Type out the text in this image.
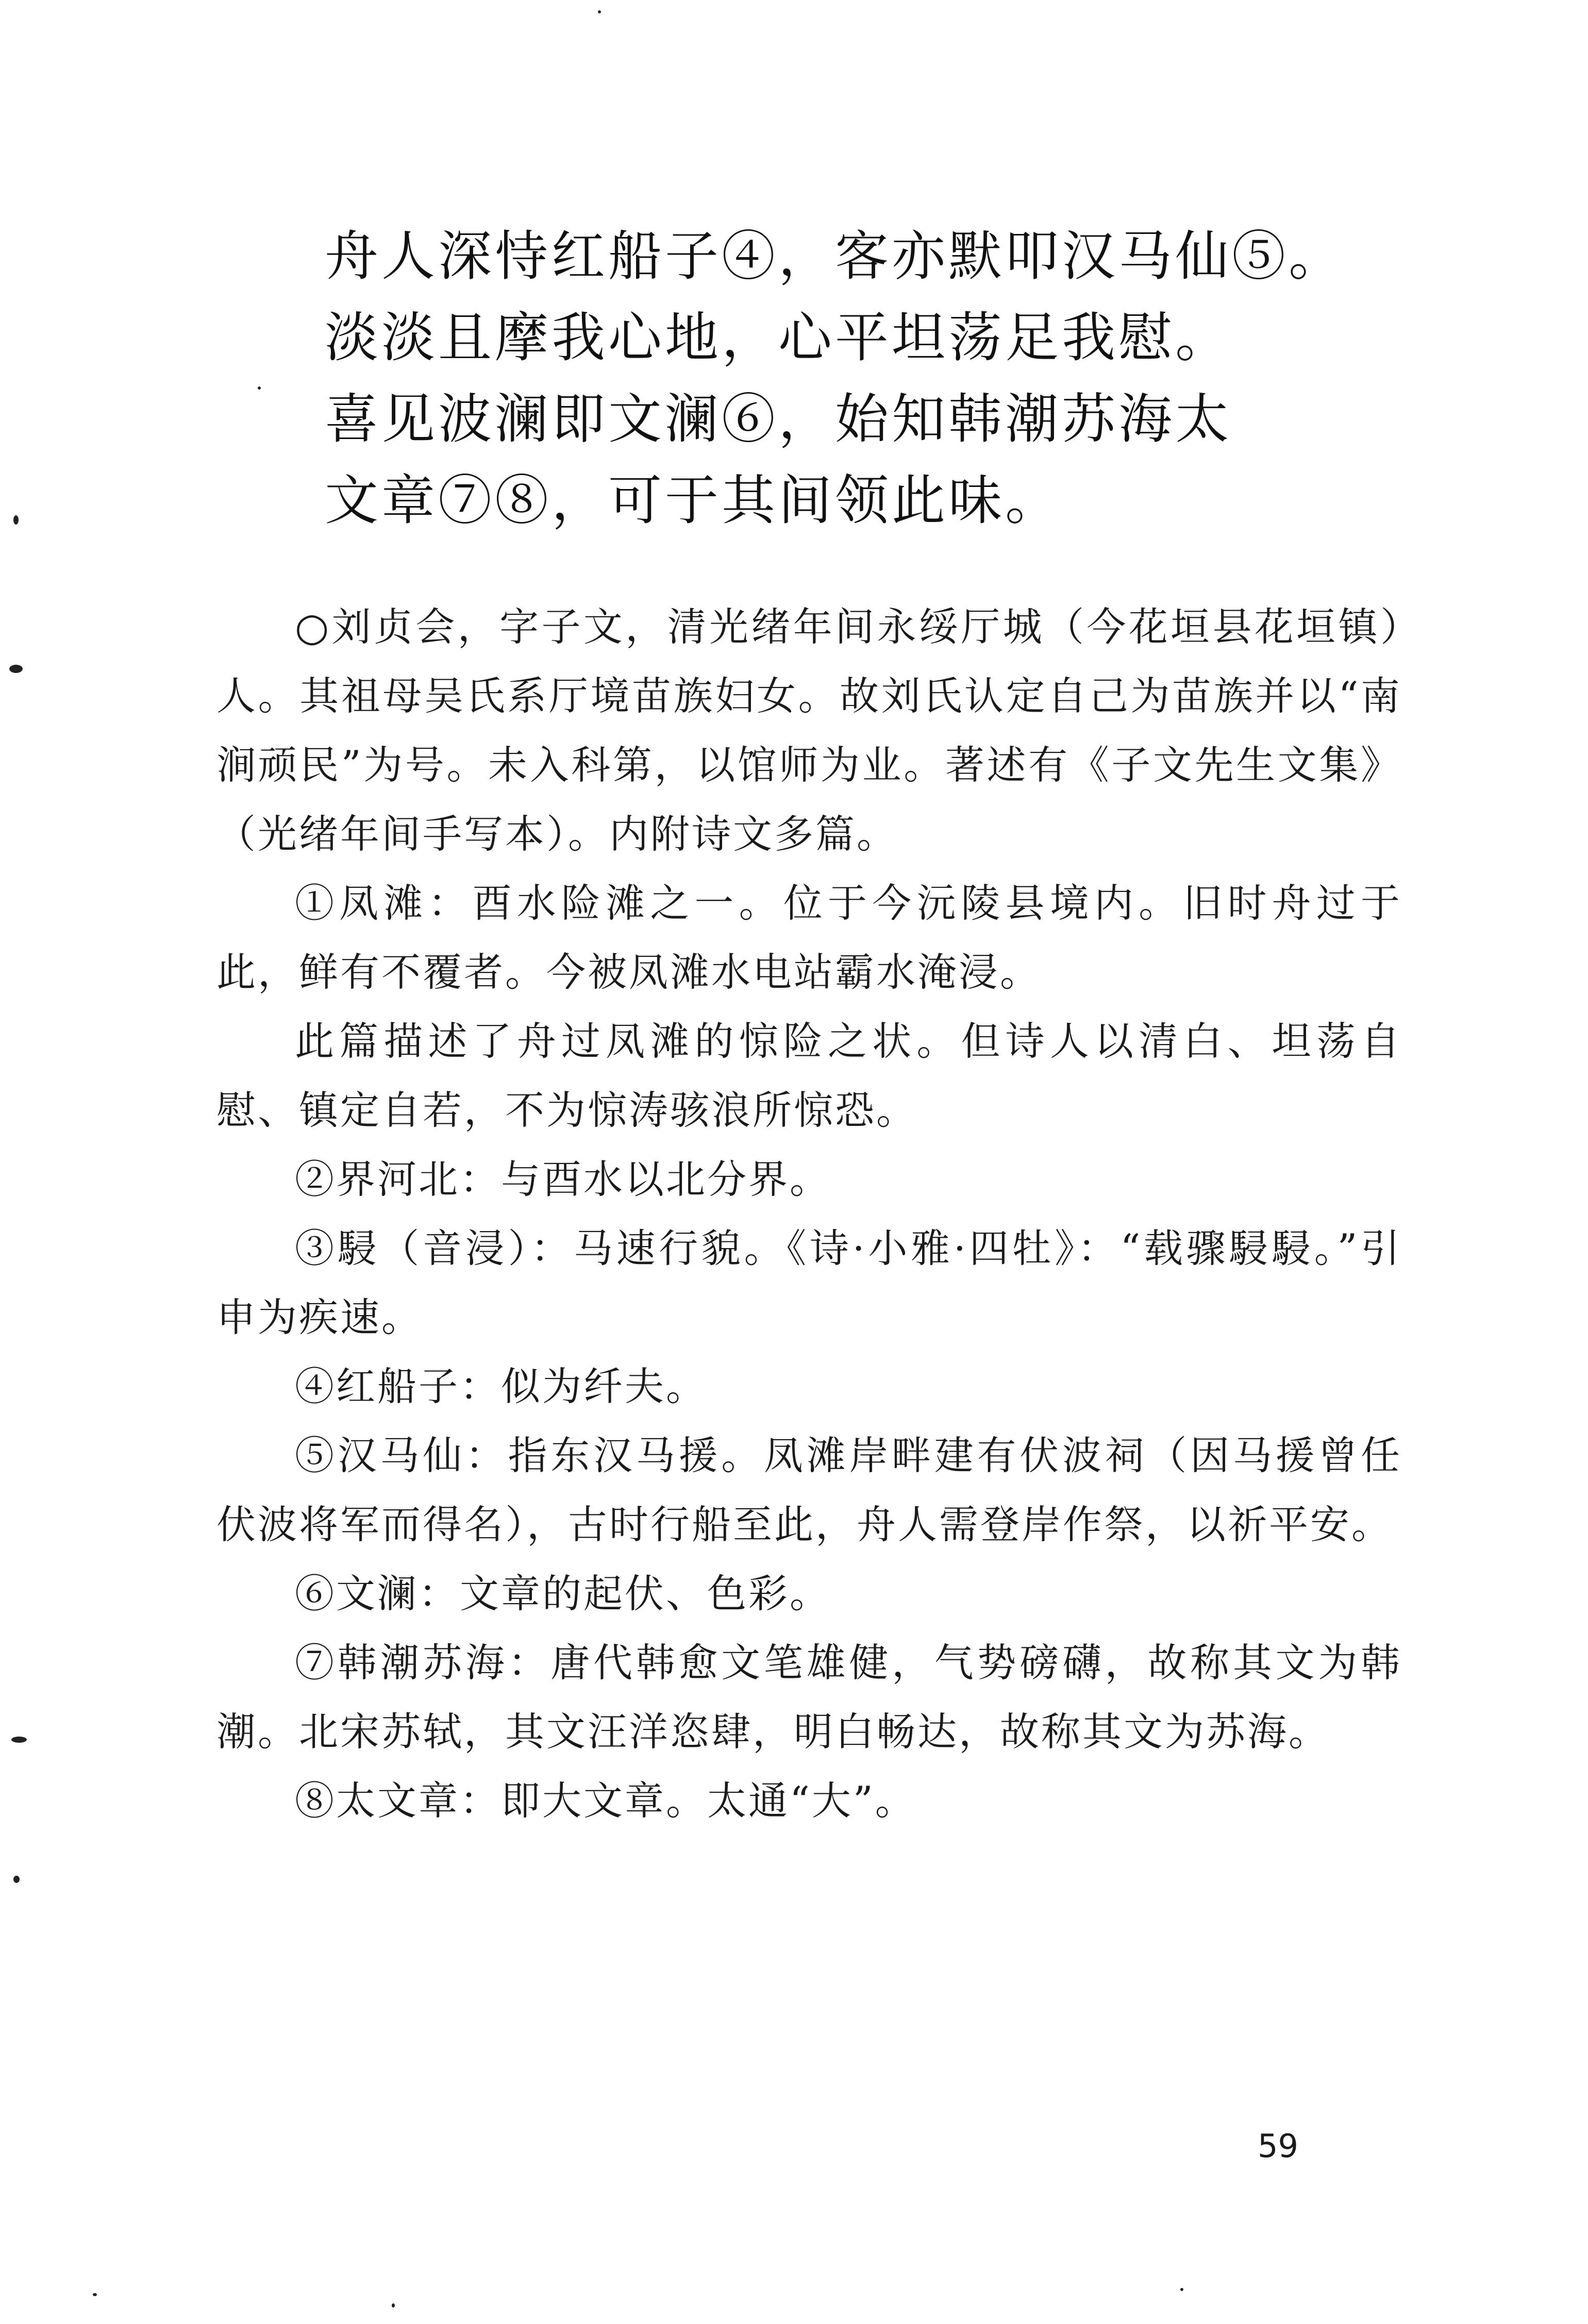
舟人深恃红船子④，客亦默叩汉马仙⑤。
淡淡且摩我心地，心平坦荡足我慰。
喜见波澜即文澜⑥，始知韩潮苏海太
文章⑦⑧，可于其间领此味。

○刘贞会，字子文，清光绪年间永绥厅城（今花垣县花垣镇）人。其祖母吴氏系厅境苗族妇女。故刘氏认定自己为苗族并以“南涧顽民”为号。未入科第，以馆师为业。著述有《子文先生文集》（光绪年间手写本）。内附诗文多篇。

①凤滩：酉水险滩之一。位于今沅陵县境内。旧时舟过于此，鲜有不覆者。今被凤滩水电站霸水淹浸。

此篇描述了舟过凤滩的惊险之状。但诗人以清白、坦荡自慰、镇定自若，不为惊涛骇浪所惊恐。

②界河北：与酉水以北分界。

③駸（音浸）：马速行貌。《诗·小雅·四牡》：“载骤駸駸。”引申为疾速。

④红船子：似为纤夫。

⑤汉马仙：指东汉马援。凤滩岸畔建有伏波祠（因马援曾任伏波将军而得名），古时行船至此，舟人需登岸作祭，以祈平安。

⑥文澜：文章的起伏、色彩。

⑦韩潮苏海：唐代韩愈文笔雄健，气势磅礴，故称其文为韩潮。北宋苏轼，其文汪洋恣肆，明白畅达，故称其文为苏海。

⑧太文章：即大文章。太通“大”。

59
